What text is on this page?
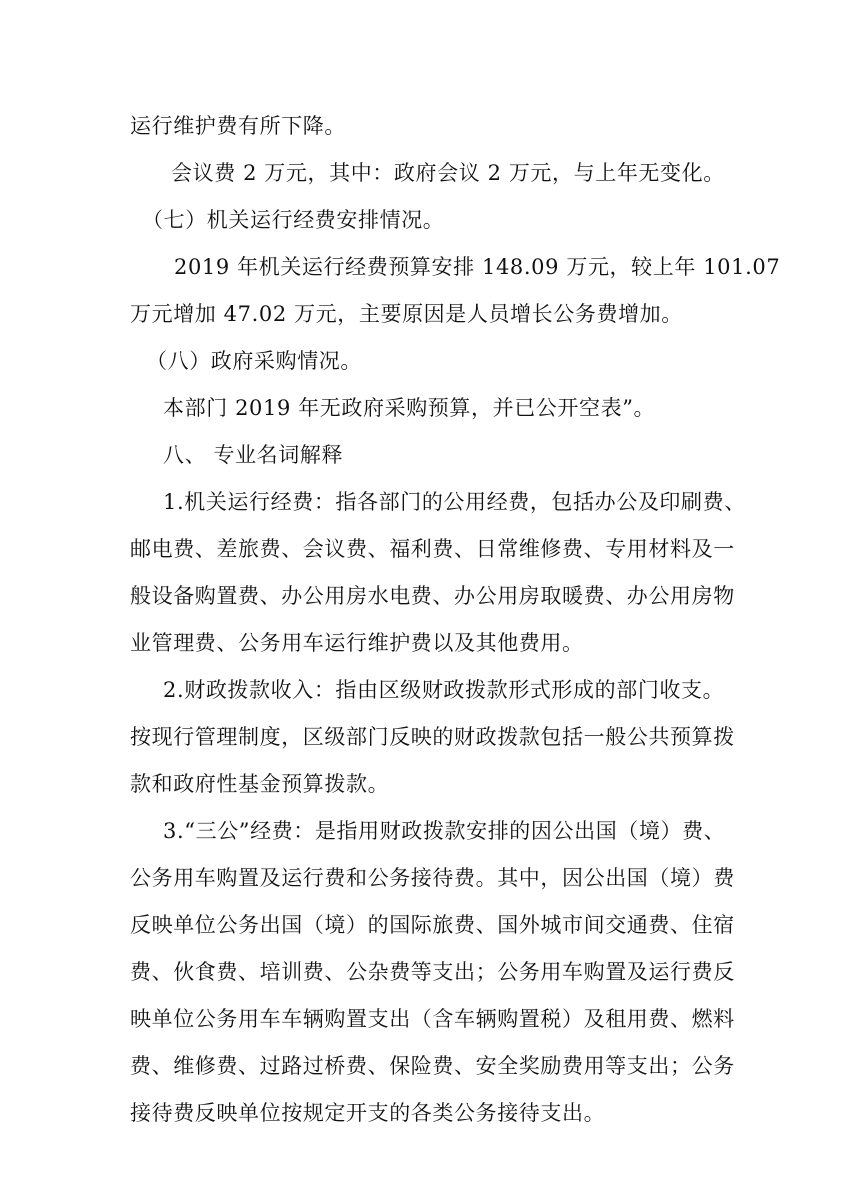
运行维护费有所下降。
会议费 2 万元，其中：政府会议 2 万元，与上年无变化。
（七）机关运行经费安排情况。
2019 年机关运行经费预算安排 148.09 万元，较上年 101.07
万元增加 47.02 万元，主要原因是人员增长公务费增加。
（八）政府采购情况。
本部门 2019 年无政府采购预算，并已公开空表”。
八、 专业名词解释
1.机关运行经费：指各部门的公用经费，包括办公及印刷费、
邮电费、差旅费、会议费、福利费、日常维修费、专用材料及一
般设备购置费、办公用房水电费、办公用房取暖费、办公用房物
业管理费、公务用车运行维护费以及其他费用。
2.财政拨款收入：指由区级财政拨款形式形成的部门收支。
按现行管理制度，区级部门反映的财政拨款包括一般公共预算拨
款和政府性基金预算拨款。
3.“三公”经费：是指用财政拨款安排的因公出国（境）费、
公务用车购置及运行费和公务接待费。其中，因公出国（境）费
反映单位公务出国（境）的国际旅费、国外城市间交通费、住宿
费、伙食费、培训费、公杂费等支出；公务用车购置及运行费反
映单位公务用车车辆购置支出（含车辆购置税）及租用费、燃料
费、维修费、过路过桥费、保险费、安全奖励费用等支出；公务
接待费反映单位按规定开支的各类公务接待支出。
